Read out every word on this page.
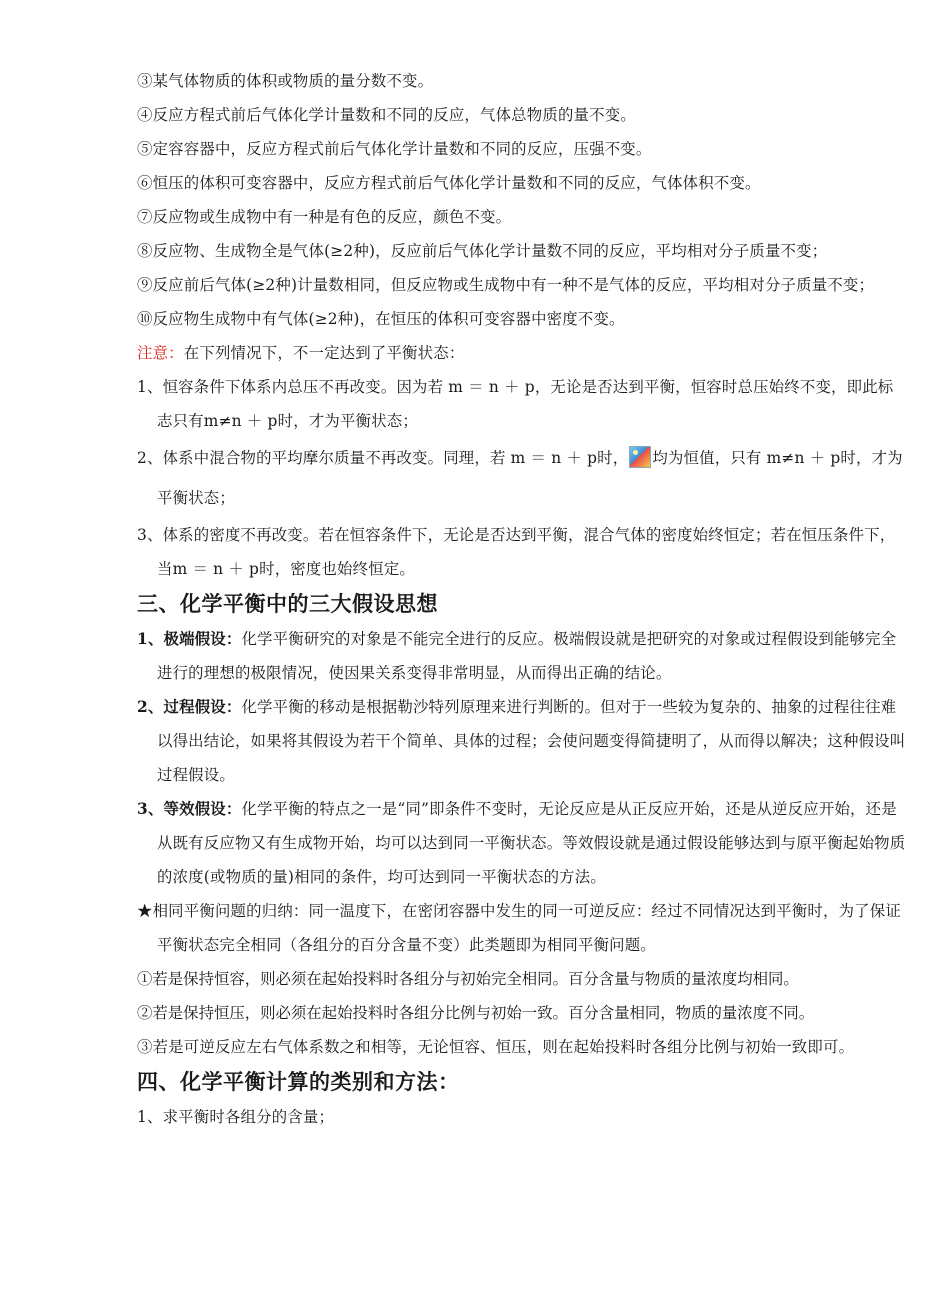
③某气体物质的体积或物质的量分数不变。

④反应方程式前后气体化学计量数和不同的反应，气体总物质的量不变。

⑤定容容器中，反应方程式前后气体化学计量数和不同的反应，压强不变。

⑥恒压的体积可变容器中，反应方程式前后气体化学计量数和不同的反应，气体体积不变。

⑦反应物或生成物中有一种是有色的反应，颜色不变。

⑧反应物、生成物全是气体(≥2种)，反应前后气体化学计量数不同的反应，平均相对分子质量不变；

⑨反应前后气体(≥2种)计量数相同，但反应物或生成物中有一种不是气体的反应，平均相对分子质量不变；

⑩反应物生成物中有气体(≥2种)，在恒压的体积可变容器中密度不变。

注意：在下列情况下，不一定达到了平衡状态：

1、恒容条件下体系内总压不再改变。因为若 m ＝ n ＋ p，无论是否达到平衡，恒容时总压始终不变，即此标志只有m≠n ＋ p时，才为平衡状态；

2、体系中混合物的平均摩尔质量不再改变。同理，若 m ＝ n ＋ p时， 均为恒值，只有 m≠n ＋ p时，才为平衡状态；

3、体系的密度不再改变。若在恒容条件下，无论是否达到平衡，混合气体的密度始终恒定；若在恒压条件下，当m ＝ n ＋ p时，密度也始终恒定。

三、化学平衡中的三大假设思想

1、极端假设：化学平衡研究的对象是不能完全进行的反应。极端假设就是把研究的对象或过程假设到能够完全进行的理想的极限情况，使因果关系变得非常明显，从而得出正确的结论。

2、过程假设：化学平衡的移动是根据勒沙特列原理来进行判断的。但对于一些较为复杂的、抽象的过程往往难以得出结论，如果将其假设为若干个简单、具体的过程；会使问题变得简捷明了，从而得以解决；这种假设叫过程假设。

3、等效假设：化学平衡的特点之一是“同”即条件不变时，无论反应是从正反应开始，还是从逆反应开始，还是从既有反应物又有生成物开始，均可以达到同一平衡状态。等效假设就是通过假设能够达到与原平衡起始物质的浓度(或物质的量)相同的条件，均可达到同一平衡状态的方法。

★相同平衡问题的归纳：同一温度下，在密闭容器中发生的同一可逆反应：经过不同情况达到平衡时，为了保证平衡状态完全相同（各组分的百分含量不变）此类题即为相同平衡问题。

①若是保持恒容，则必须在起始投料时各组分与初始完全相同。百分含量与物质的量浓度均相同。

②若是保持恒压，则必须在起始投料时各组分比例与初始一致。百分含量相同，物质的量浓度不同。

③若是可逆反应左右气体系数之和相等，无论恒容、恒压，则在起始投料时各组分比例与初始一致即可。

四、化学平衡计算的类别和方法：

1、求平衡时各组分的含量；
